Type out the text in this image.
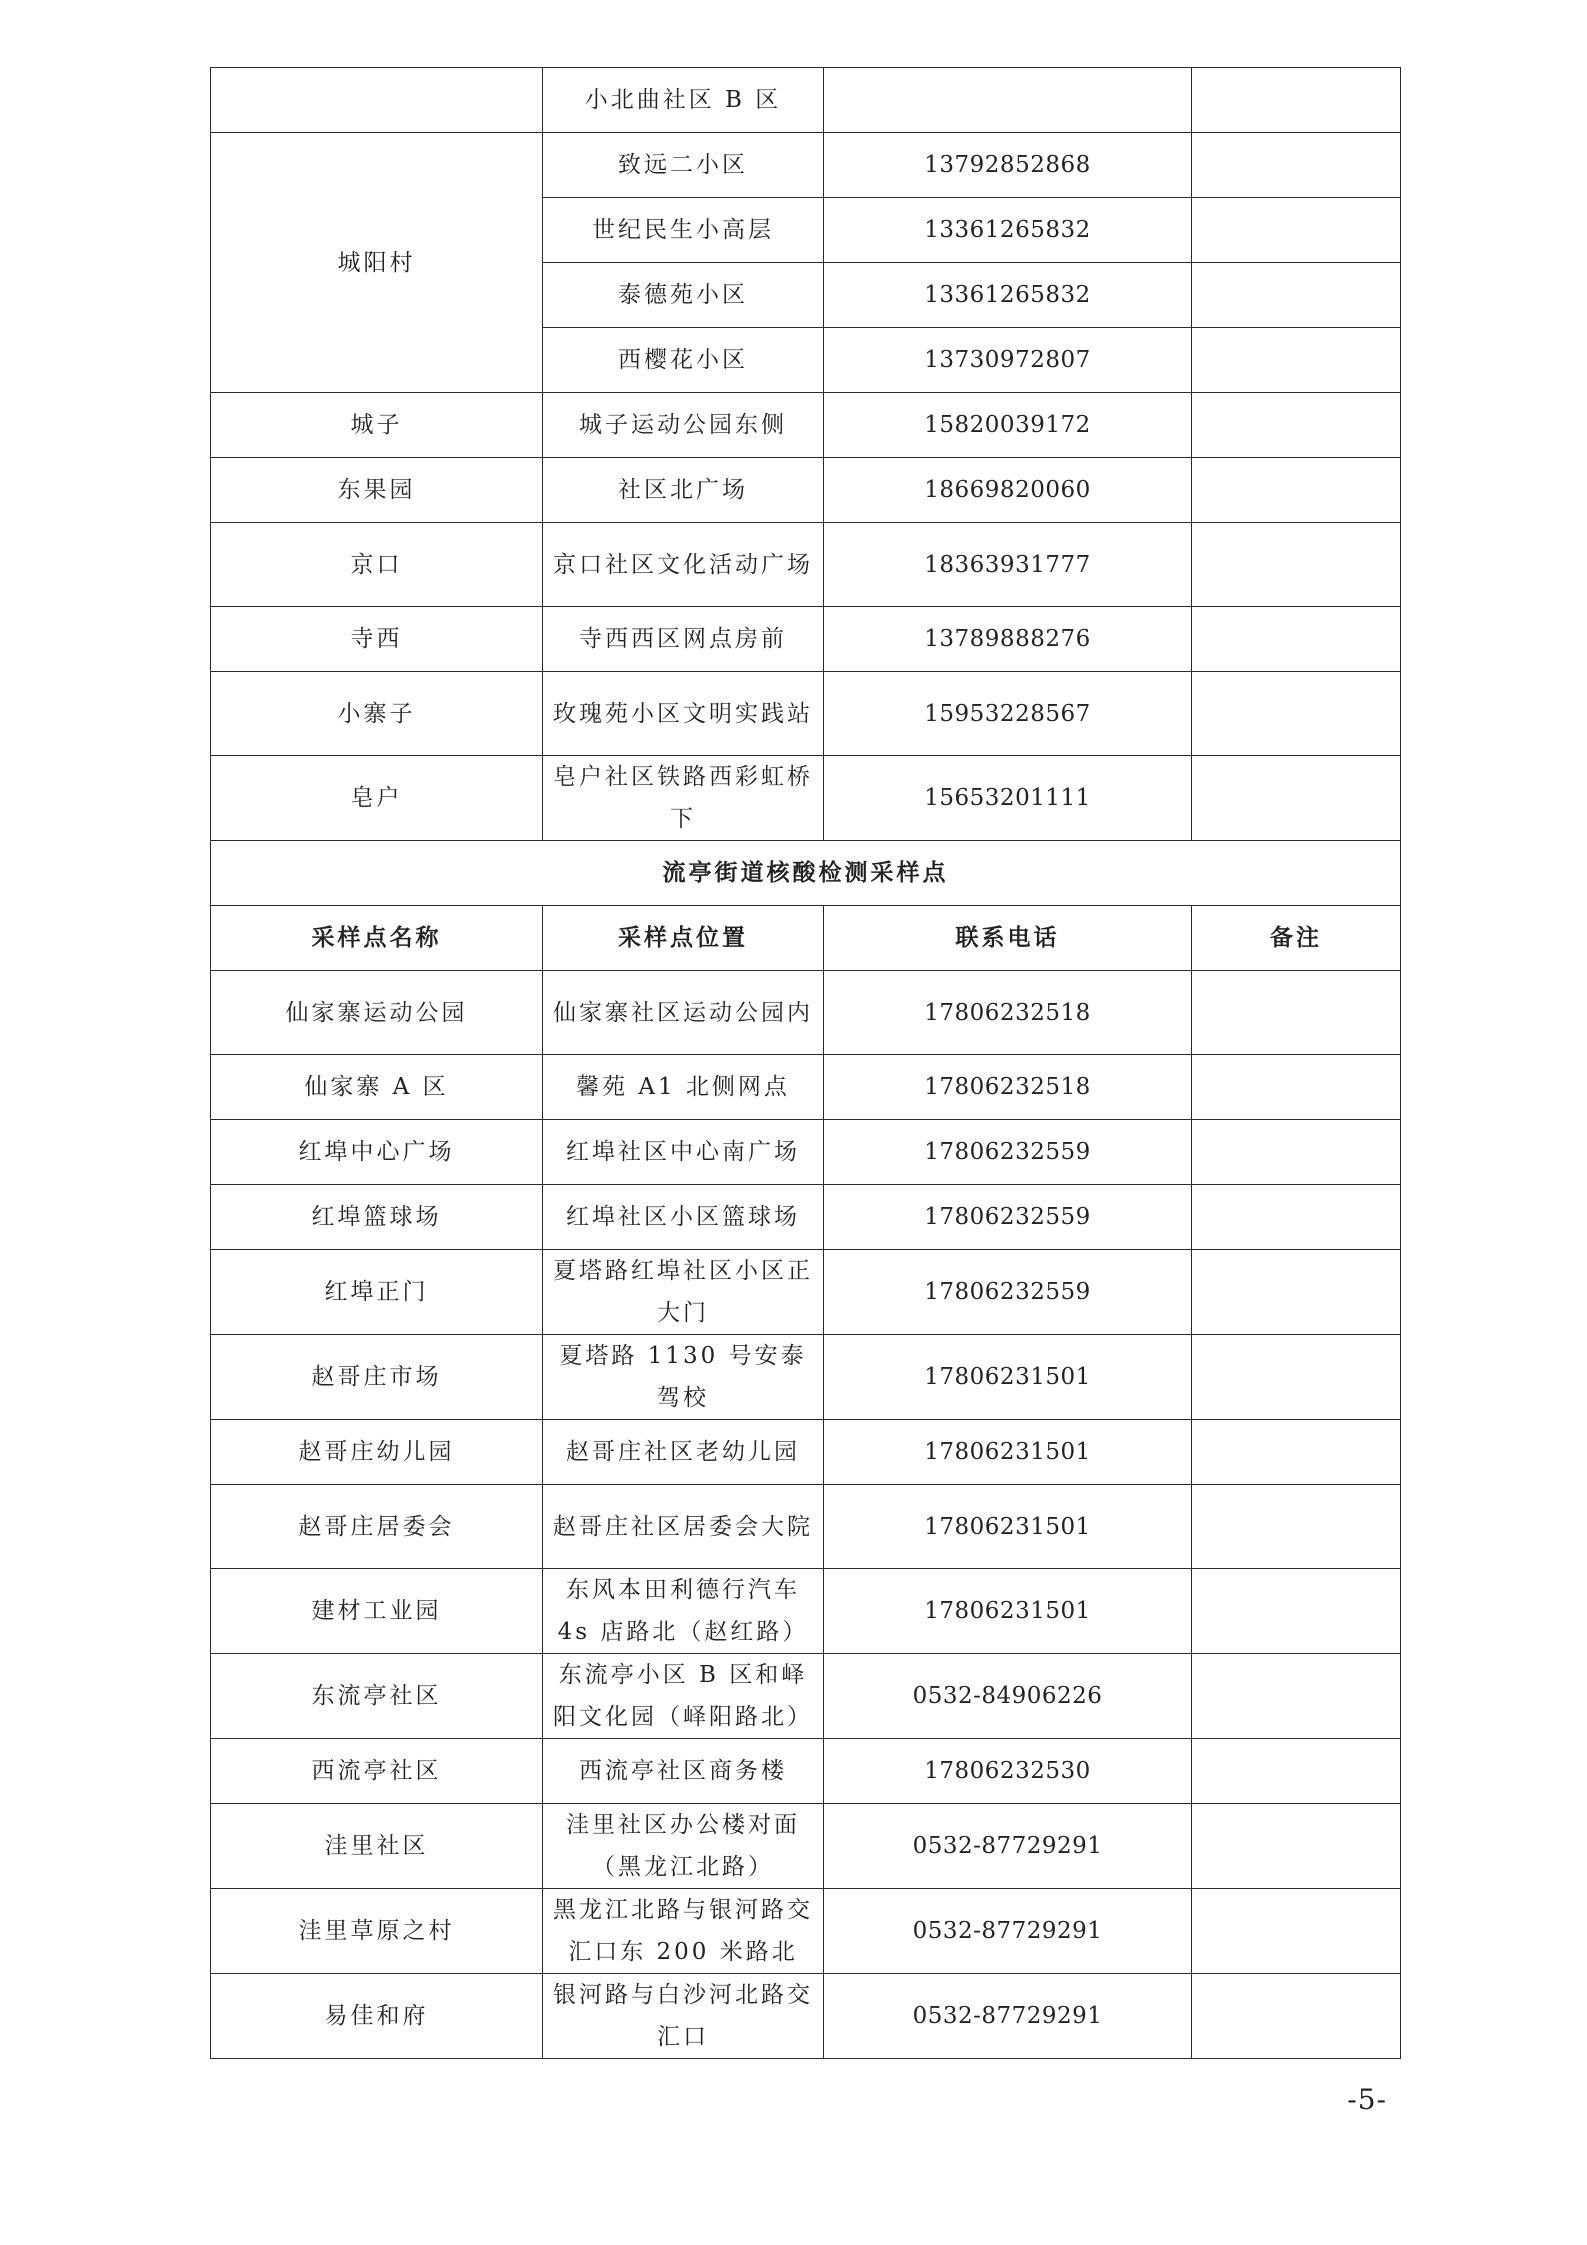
	小北曲社区 B 区		
城阳村	致远二小区	13792852868	
	世纪民生小高层	13361265832	
	泰德苑小区	13361265832	
	西樱花小区	13730972807	
城子	城子运动公园东侧	15820039172	
东果园	社区北广场	18669820060	
京口	京口社区文化活动广场	18363931777	
寺西	寺西西区网点房前	13789888276	
小寨子	玫瑰苑小区文明实践站	15953228567	
皂户	皂户社区铁路西彩虹桥下	15653201111	
流亭街道核酸检测采样点			
采样点名称	采样点位置	联系电话	备注
仙家寨运动公园	仙家寨社区运动公园内	17806232518	
仙家寨 A 区	馨苑 A1 北侧网点	17806232518	
红埠中心广场	红埠社区中心南广场	17806232559	
红埠篮球场	红埠社区小区篮球场	17806232559	
红埠正门	夏塔路红埠社区小区正大门	17806232559	
赵哥庄市场	夏塔路 1130 号安泰驾校	17806231501	
赵哥庄幼儿园	赵哥庄社区老幼儿园	17806231501	
赵哥庄居委会	赵哥庄社区居委会大院	17806231501	
建材工业园	东风本田利德行汽车 4s 店路北（赵红路）	17806231501	
东流亭社区	东流亭小区 B 区和峄阳文化园（峄阳路北）	0532-84906226	
西流亭社区	西流亭社区商务楼	17806232530	
洼里社区	洼里社区办公楼对面（黑龙江北路）	0532-87729291	
洼里草原之村	黑龙江北路与银河路交汇口东 200 米路北	0532-87729291	
易佳和府	银河路与白沙河北路交汇口	0532-87729291	
-5-
